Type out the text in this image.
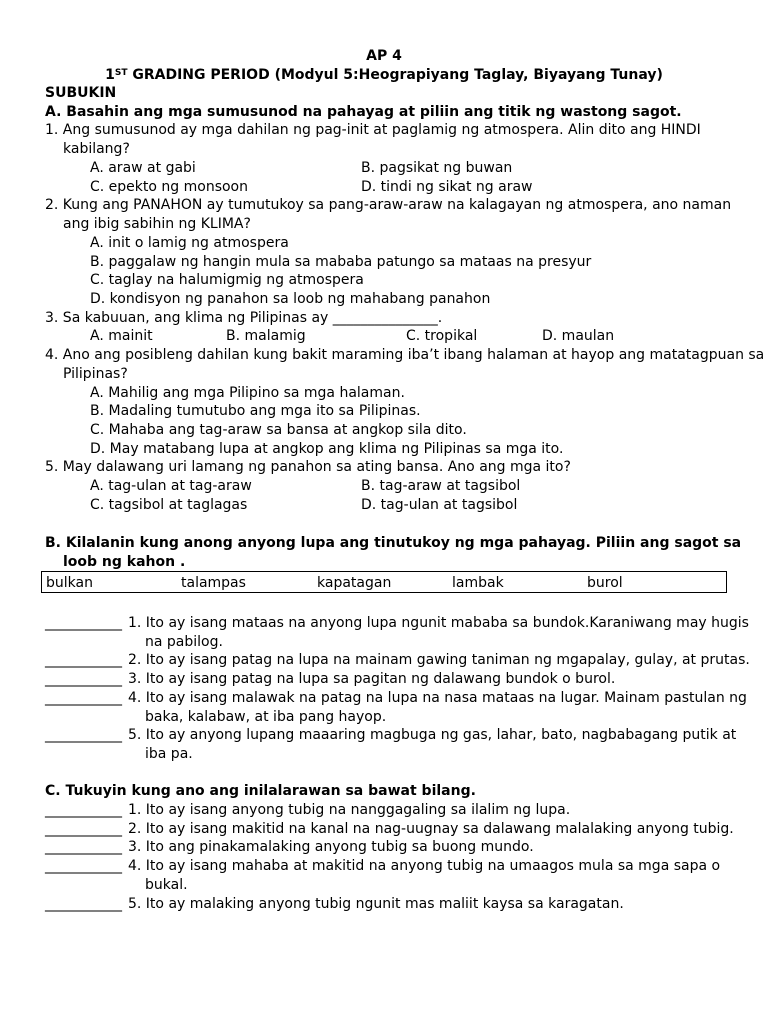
AP 4
1ST GRADING PERIOD (Modyul 5:Heograpiyang Taglay, Biyayang Tunay)
SUBUKIN
A. Basahin ang mga sumusunod na pahayag at piliin ang titik ng wastong sagot.
1. Ang sumusunod ay mga dahilan ng pag-init at paglamig ng atmospera. Alin dito ang HINDI
kabilang?
A. araw at gabi	B. pagsikat ng buwan
C. epekto ng monsoon	D. tindi ng sikat ng araw
2. Kung ang PANAHON ay tumutukoy sa pang-araw-araw na kalagayan ng atmospera, ano naman
ang ibig sabihin ng KLIMA?
A. init o lamig ng atmospera
B. paggalaw ng hangin mula sa mababa patungo sa mataas na presyur
C. taglay na halumigmig ng atmospera
D. kondisyon ng panahon sa loob ng mahabang panahon
3. Sa kabuuan, ang klima ng Pilipinas ay _______________.
A. mainit	B. malamig	C. tropikal	D. maulan
4. Ano ang posibleng dahilan kung bakit maraming iba’t ibang halaman at hayop ang matatagpuan sa
Pilipinas?
A. Mahilig ang mga Pilipino sa mga halaman.
B. Madaling tumutubo ang mga ito sa Pilipinas.
C. Mahaba ang tag-araw sa bansa at angkop sila dito.
D. May matabang lupa at angkop ang klima ng Pilipinas sa mga ito.
5. May dalawang uri lamang ng panahon sa ating bansa. Ano ang mga ito?
A. tag-ulan at tag-araw	B. tag-araw at tagsibol
C. tagsibol at taglagas	D. tag-ulan at tagsibol
B. Kilalanin kung anong anyong lupa ang tinutukoy ng mga pahayag. Piliin ang sagot sa
loob ng kahon .
bulkan	talampas	kapatagan	lambak	burol
___________ 1. Ito ay isang mataas na anyong lupa ngunit mababa sa bundok.Karaniwang may hugis
na pabilog.
___________ 2. Ito ay isang patag na lupa na mainam gawing taniman ng mgapalay, gulay, at prutas.
___________ 3. Ito ay isang patag na lupa sa pagitan ng dalawang bundok o burol.
___________ 4. Ito ay isang malawak na patag na lupa na nasa mataas na lugar. Mainam pastulan ng
baka, kalabaw, at iba pang hayop.
___________ 5. Ito ay anyong lupang maaaring magbuga ng gas, lahar, bato, nagbabagang putik at
iba pa.
C. Tukuyin kung ano ang inilalarawan sa bawat bilang.
___________ 1. Ito ay isang anyong tubig na nanggagaling sa ilalim ng lupa.
___________ 2. Ito ay isang makitid na kanal na nag-uugnay sa dalawang malalaking anyong tubig.
___________ 3. Ito ang pinakamalaking anyong tubig sa buong mundo.
___________ 4. Ito ay isang mahaba at makitid na anyong tubig na umaagos mula sa mga sapa o
bukal.
___________ 5. Ito ay malaking anyong tubig ngunit mas maliit kaysa sa karagatan.
